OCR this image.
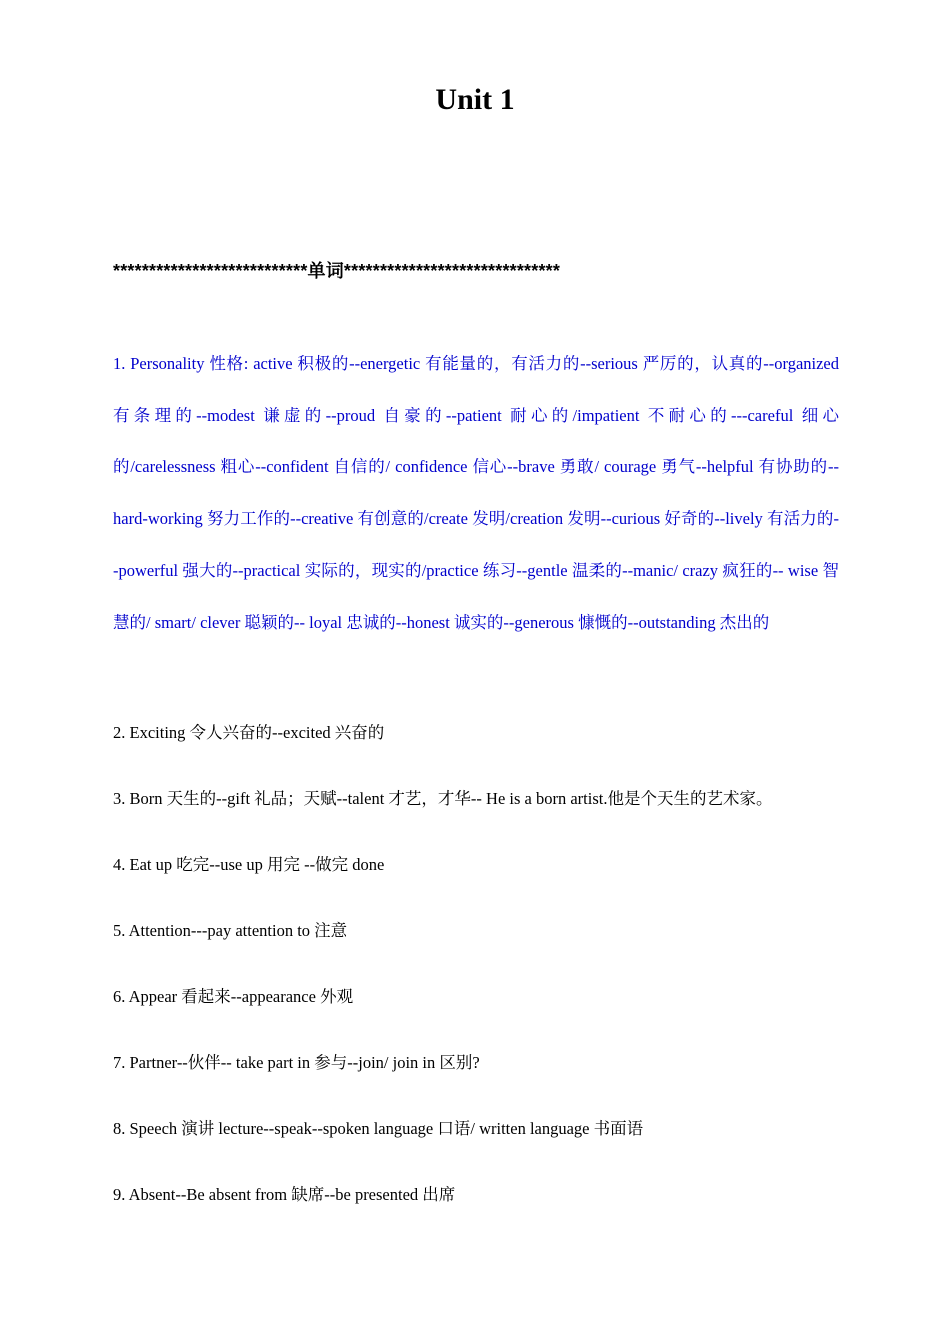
Unit 1
***************************单词******************************
1. Personality 性格: active 积极的--energetic 有能量的，有活力的--serious 严厉的，认真的--organized 有条理的--modest 谦虚的--proud 自豪的--patient 耐心的/impatient 不耐心的---careful 细心的/carelessness 粗心--confident 自信的/ confidence 信心--brave 勇敢/ courage 勇气--helpful 有协助的--hard-working 努力工作的--creative 有创意的/create 发明/creation 发明--curious 好奇的--lively 有活力的--powerful 强大的--practical 实际的，现实的/practice 练习--gentle 温柔的--manic/ crazy 疯狂的-- wise 智慧的/ smart/ clever 聪颖的-- loyal 忠诚的--honest 诚实的--generous 慷慨的--outstanding 杰出的
2. Exciting 令人兴奋的--excited 兴奋的
3. Born 天生的--gift 礼品；天赋--talent 才艺，才华-- He is a born artist.他是个天生的艺术家。
4. Eat up 吃完--use up 用完 --做完 done
5. Attention---pay attention to 注意
6. Appear 看起来--appearance 外观
7. Partner--伙伴-- take part in 参与--join/ join in 区别?
8. Speech 演讲 lecture--speak--spoken language 口语/ written language 书面语
9. Absent--Be absent from 缺席--be presented 出席
